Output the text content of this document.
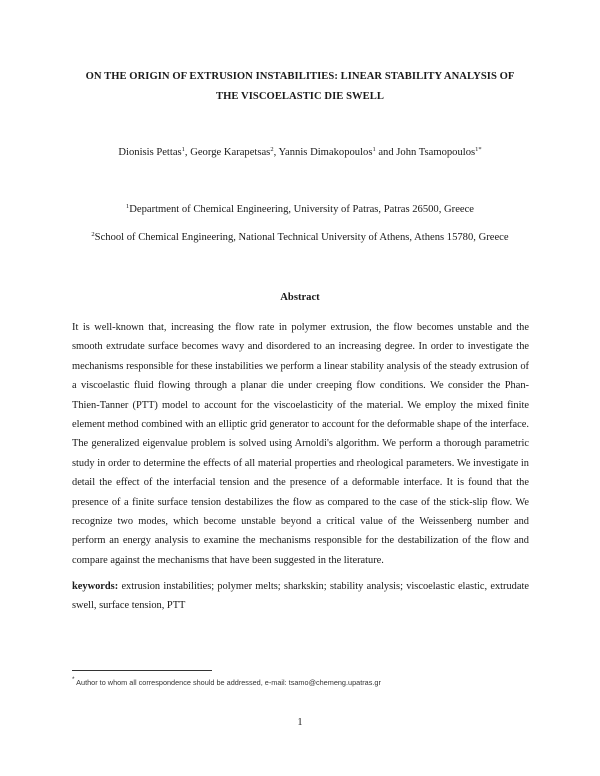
ON THE ORIGIN OF EXTRUSION INSTABILITIES: LINEAR STABILITY ANALYSIS OF
THE VISCOELASTIC DIE SWELL
Dionisis Pettas$^1$, George Karapetsas$^2$, Yannis Dimakopoulos$^1$ and John Tsamopoulos$^{1*}$
$^1$Department of Chemical Engineering, University of Patras, Patras 26500, Greece
$^2$School of Chemical Engineering, National Technical University of Athens, Athens 15780, Greece
Abstract

It is well-known that, increasing the flow rate in polymer extrusion, the flow becomes unstable and the smooth extrudate surface becomes wavy and disordered to an increasing degree. In order to investigate the mechanisms responsible for these instabilities we perform a linear stability analysis of the steady extrusion of a viscoelastic fluid flowing through a planar die under creeping flow conditions. We consider the Phan-Thien-Tanner (PTT) model to account for the viscoelasticity of the material. We employ the mixed finite element method combined with an elliptic grid generator to account for the deformable shape of the interface. The generalized eigenvalue problem is solved using Arnoldi's algorithm. We perform a thorough parametric study in order to determine the effects of all material properties and rheological parameters. We investigate in detail the effect of the interfacial tension and the presence of a deformable interface. It is found that the presence of a finite surface tension destabilizes the flow as compared to the case of the stick-slip flow. We recognize two modes, which become unstable beyond a critical value of the Weissenberg number and perform an energy analysis to examine the mechanisms responsible for the destabilization of the flow and compare against the mechanisms that have been suggested in the literature.

keywords: extrusion instabilities; polymer melts; sharkskin; stability analysis; viscoelastic elastic, extrudate swell, surface tension, PTT

* Author to whom all correspondence should be addressed, e-mail: tsamo@chemeng.upatras.gr
1
